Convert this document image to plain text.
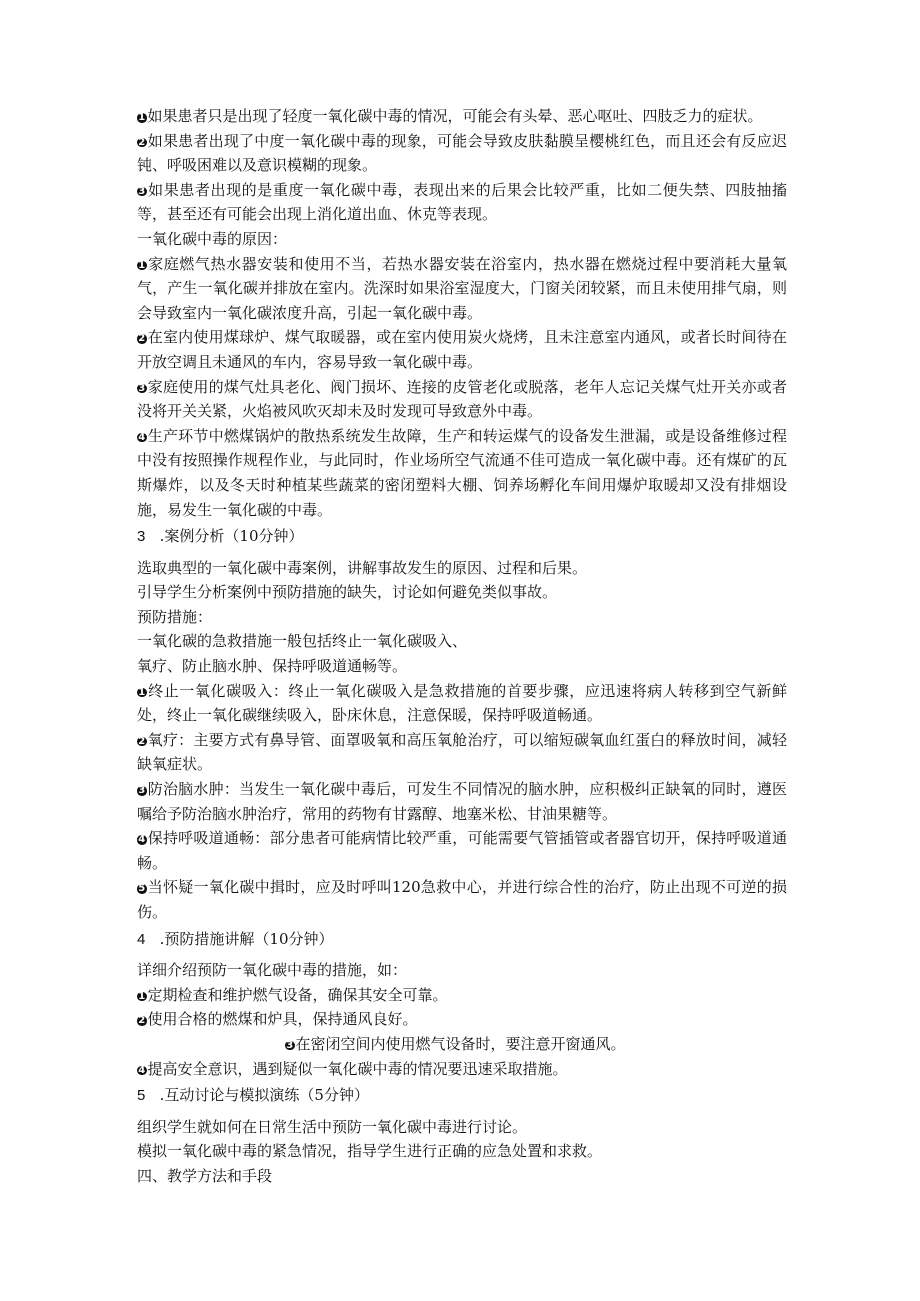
1 如果患者只是出现了轻度一氧化碳中毒的情况，可能会有头晕、恶心呕吐、四肢乏力的症状。

2 如果患者出现了中度一氧化碳中毒的现象，可能会导致皮肤黏膜呈樱桃红色，而且还会有反应迟钝、呼吸困难以及意识模糊的现象。

3 如果患者出现的是重度一氧化碳中毒，表现出来的后果会比较严重，比如二便失禁、四肢抽搐等，甚至还有可能会出现上消化道出血、休克等表现。

一氧化碳中毒的原因：

1 家庭燃气热水器安装和使用不当，若热水器安装在浴室内，热水器在燃烧过程中要消耗大量氧气，产生一氧化碳并排放在室内。洗深时如果浴室湿度大，门窗关闭较紧，而且未使用排气扇，则会导致室内一氧化碳浓度升高，引起一氧化碳中毒。

2 在室内使用煤球炉、煤气取暖器，或在室内使用炭火烧烤，且未注意室内通风，或者长时间待在开放空调且未通风的车内，容易导致一氧化碳中毒。

3 家庭使用的煤气灶具老化、阀门损坏、连接的皮管老化或脱落，老年人忘记关煤气灶开关亦或者没将开关关紧，火焰被风吹灭却未及时发现可导致意外中毒。

4 生产环节中燃煤锅炉的散热系统发生故障，生产和转运煤气的设备发生泄漏，或是设备维修过程中没有按照操作规程作业，与此同时，作业场所空气流通不佳可造成一氧化碳中毒。还有煤矿的瓦斯爆炸，以及冬天时种植某些蔬菜的密闭塑料大棚、饲养场孵化车间用爆炉取暖却又没有排烟设施，易发生一氧化碳的中毒。

3 .案例分析（10分钟）

选取典型的一氧化碳中毒案例，讲解事故发生的原因、过程和后果。

引导学生分析案例中预防措施的缺失，讨论如何避免类似事故。

预防措施：

一氧化碳的急救措施一般包括终止一氧化碳吸入、

氧疗、防止脑水肿、保持呼吸道通畅等。

1 终止一氧化碳吸入：终止一氧化碳吸入是急救措施的首要步骤，应迅速将病人转移到空气新鲜处，终止一氧化碳继续吸入，卧床休息，注意保暖，保持呼吸道畅通。

2 氧疗：主要方式有鼻导管、面罩吸氧和高压氧舱治疗，可以缩短碳氧血红蛋白的释放时间，减轻缺氧症状。

3 防治脑水肿：当发生一氧化碳中毒后，可发生不同情况的脑水肿，应积极纠正缺氧的同时，遵医嘱给予防治脑水肿治疗，常用的药物有甘露醇、地塞米松、甘油果糖等。

4 保持呼吸道通畅：部分患者可能病情比较严重，可能需要气管插管或者器官切开，保持呼吸道通畅。

5 当怀疑一氧化碳中揖时，应及时呼叫120急救中心，并进行综合性的治疗，防止出现不可逆的损伤。

4 .预防措施讲解（10分钟）

详细介绍预防一氧化碳中毒的措施，如：

1 定期检查和维护燃气设备，确保其安全可靠。

2 使用合格的燃煤和炉具，保持通风良好。

3 在密闭空间内使用燃气设备时，要注意开窗通风。

4 提高安全意识，遇到疑似一氧化碳中毒的情况要迅速采取措施。

5 .互动讨论与模拟演练（5分钟）

组织学生就如何在日常生活中预防一氧化碳中毒进行讨论。

模拟一氧化碳中毒的紧急情况，指导学生进行正确的应急处置和求救。

四、教学方法和手段
